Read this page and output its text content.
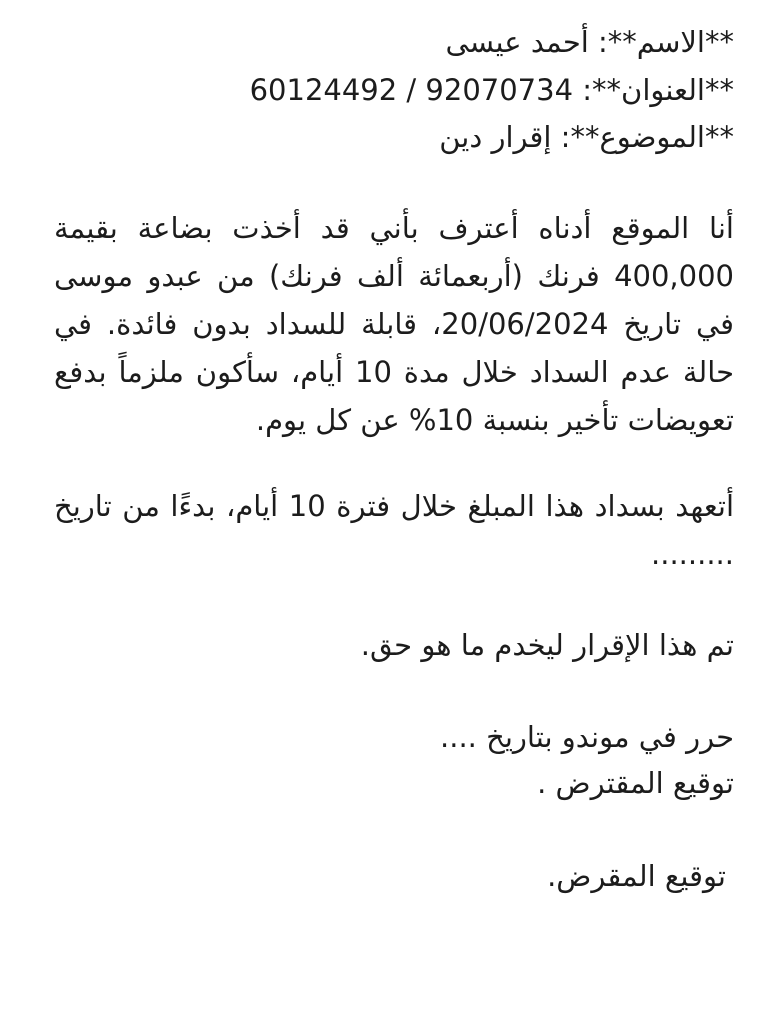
**الاسم**: أحمد عيسى
**العنوان**: 92070734 / 60124492
**الموضوع**: إقرار دين
أنا الموقع أدناه أعترف بأني قد أخذت بضاعة بقيمة 400,000 فرنك (أربعمائة ألف فرنك) من عبدو موسى في تاريخ 20/06/2024، قابلة للسداد بدون فائدة. في حالة عدم السداد خلال مدة 10 أيام، سأكون ملزماً بدفع تعويضات تأخير بنسبة 10% عن كل يوم.
أتعهد بسداد هذا المبلغ خلال فترة 10 أيام، بدءًا من تاريخ .........
تم هذا الإقرار ليخدم ما هو حق.
حرر في موندو بتاريخ ....
توقيع المقترض .
توقيع المقرض.
